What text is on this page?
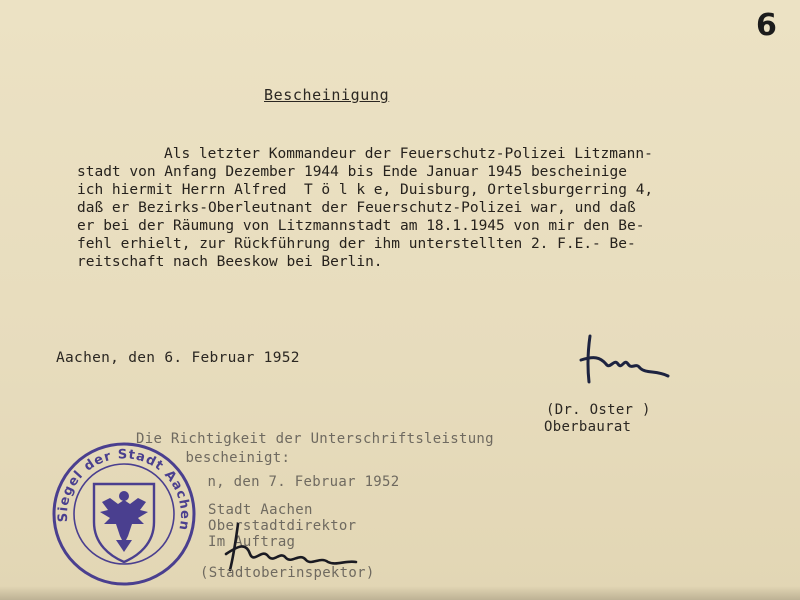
6
Bescheinigung
Als letzter Kommandeur der Feuerschutz-Polizei Litzmann-
stadt von Anfang Dezember 1944 bis Ende Januar 1945 bescheinige
ich hiermit Herrn Alfred  T ö l k e, Duisburg, Ortelsburgerring 4,
daß er Bezirks-Oberleutnant der Feuerschutz-Polizei war, und daß
er bei der Räumung von Litzmannstadt am 18.1.1945 von mir den Be-
fehl erhielt, zur Rückführung der ihm unterstellten 2. F.E.- Be-
reitschaft nach Beeskow bei Berlin.
Aachen, den 6. Februar 1952
(Dr. Oster )
Oberbaurat
Die Richtigkeit der Unterschriftsleistung
bescheinigt:
n, den 7. Februar 1952
Stadt Aachen
Oberstadtdirektor
Im Auftrag
(Stadtoberinspektor)
Siegel der Stadt Aachen
